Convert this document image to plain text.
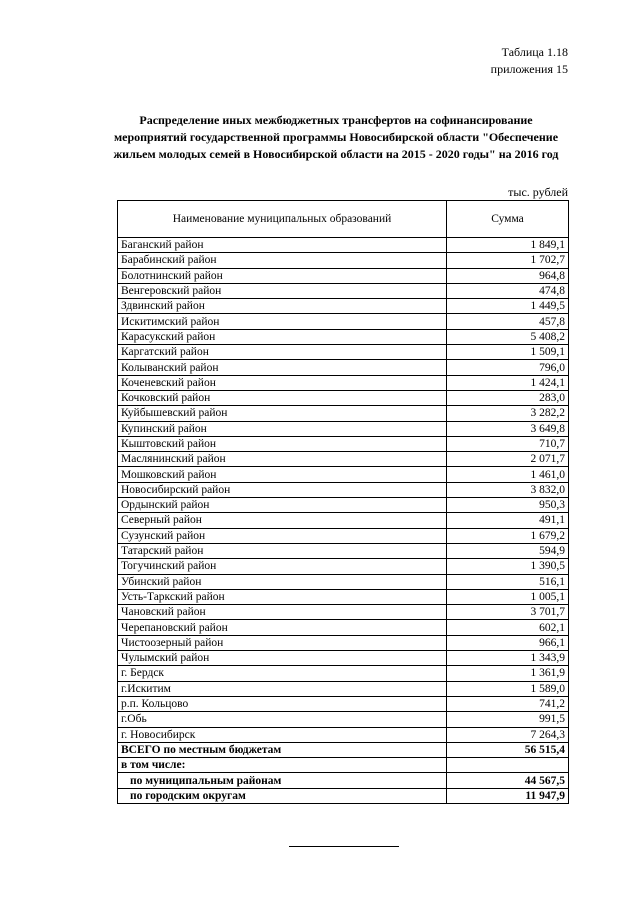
Таблица 1.18
приложения 15
Распределение иных межбюджетных трансфертов на софинансирование
мероприятий государственной программы Новосибирской области "Обеспечение
жильем молодых семей в Новосибирской области на 2015 - 2020 годы" на 2016 год
тыс. рублей
Наименование муниципальных образований	Сумма
Баганский район	1 849,1
Барабинский район	1 702,7
Болотнинский район	964,8
Венгеровский район	474,8
Здвинский район	1 449,5
Искитимский район	457,8
Карасукский район	5 408,2
Каргатский район	1 509,1
Колыванский район	796,0
Коченевский район	1 424,1
Кочковский район	283,0
Куйбышевский район	3 282,2
Купинский район	3 649,8
Кыштовский район	710,7
Маслянинский район	2 071,7
Мошковский район	1 461,0
Новосибирский район	3 832,0
Ордынский район	950,3
Северный район	491,1
Сузунский район	1 679,2
Татарский район	594,9
Тогучинский район	1 390,5
Убинский район	516,1
Усть-Таркский район	1 005,1
Чановский район	3 701,7
Черепановский район	602,1
Чистоозерный район	966,1
Чулымский район	1 343,9
г. Бердск	1 361,9
г.Искитим	1 589,0
р.п. Кольцово	741,2
г.Обь	991,5
г. Новосибирск	7 264,3
ВСЕГО по местным бюджетам	56 515,4
в том числе:	
по муниципальным районам	44 567,5
по городским округам	11 947,9
